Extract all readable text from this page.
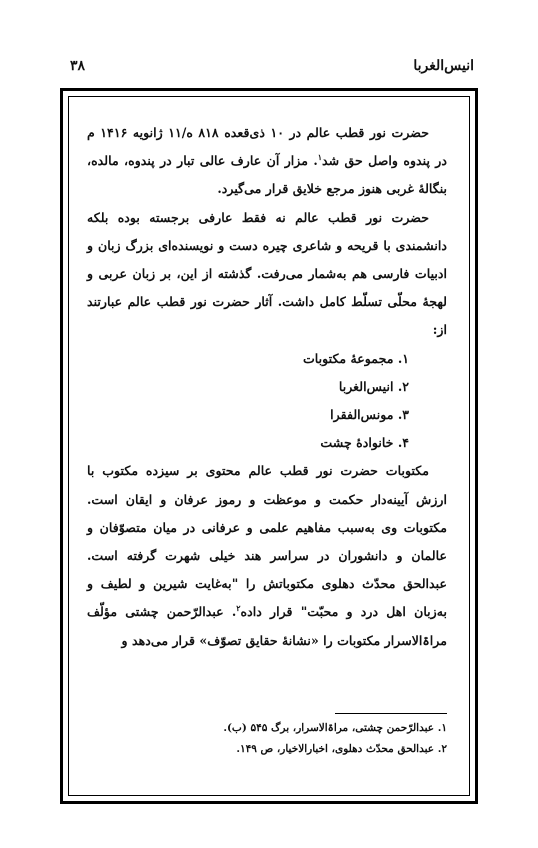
انیس‌الغربا
۳۸

حضرت نور قطب عالم در ۱۰ ذی‌قعده ۸۱۸ ه/۱۱ ژانویه ۱۴۱۶ م در پندوه واصل حق شد$^۱$. مزار آن عارف عالی تبار در پندوه، مالده، بنگالهٔ غربی هنوز مرجع خلایق قرار می‌گیرد.

حضرت نور قطب عالم نه فقط عارفی برجسته بوده بلکه دانشمندی با قریحه و شاعری چیره دست و نویسنده‌ای بزرگ زبان و ادبیات فارسی هم به‌شمار می‌رفت. گذشته از این، بر زبان عربی و لهجهٔ محلّی تسلّط کامل داشت. آثار حضرت نور قطب عالم عبارتند از:

۱. مجموعهٔ مکتوبات
۲. انیس‌الغربا
۳. مونس‌الفقرا
۴. خانوادهٔ چشت

مکتوبات حضرت نور قطب عالم محتوی بر سیزده مکتوب با ارزش آیینه‌دار حکمت و موعظت و رموز عرفان و ایقان است. مکتوبات وی به‌سبب مفاهیم علمی و عرفانی در میان متصوّفان و عالمان و دانشوران در سراسر هند خیلی شهرت گرفته است. عبدالحق محدّث دهلوی مکتوباتش را "به‌غایت شیرین و لطیف و به‌زبان اهل درد و محبّت" قرار داده$^۲$. عبدالرّحمن چشتی مؤلّف مراۃالاسرار مکتوبات را «نشانهٔ حقایق تصوّف» قرار می‌دهد و

۱. عبدالرّحمن چشتی، مراۃالاسرار، برگ ۵۴۵ (ب).

۲. عبدالحق محدّث دهلوی، اخبارالاخیار، ص ۱۴۹.
